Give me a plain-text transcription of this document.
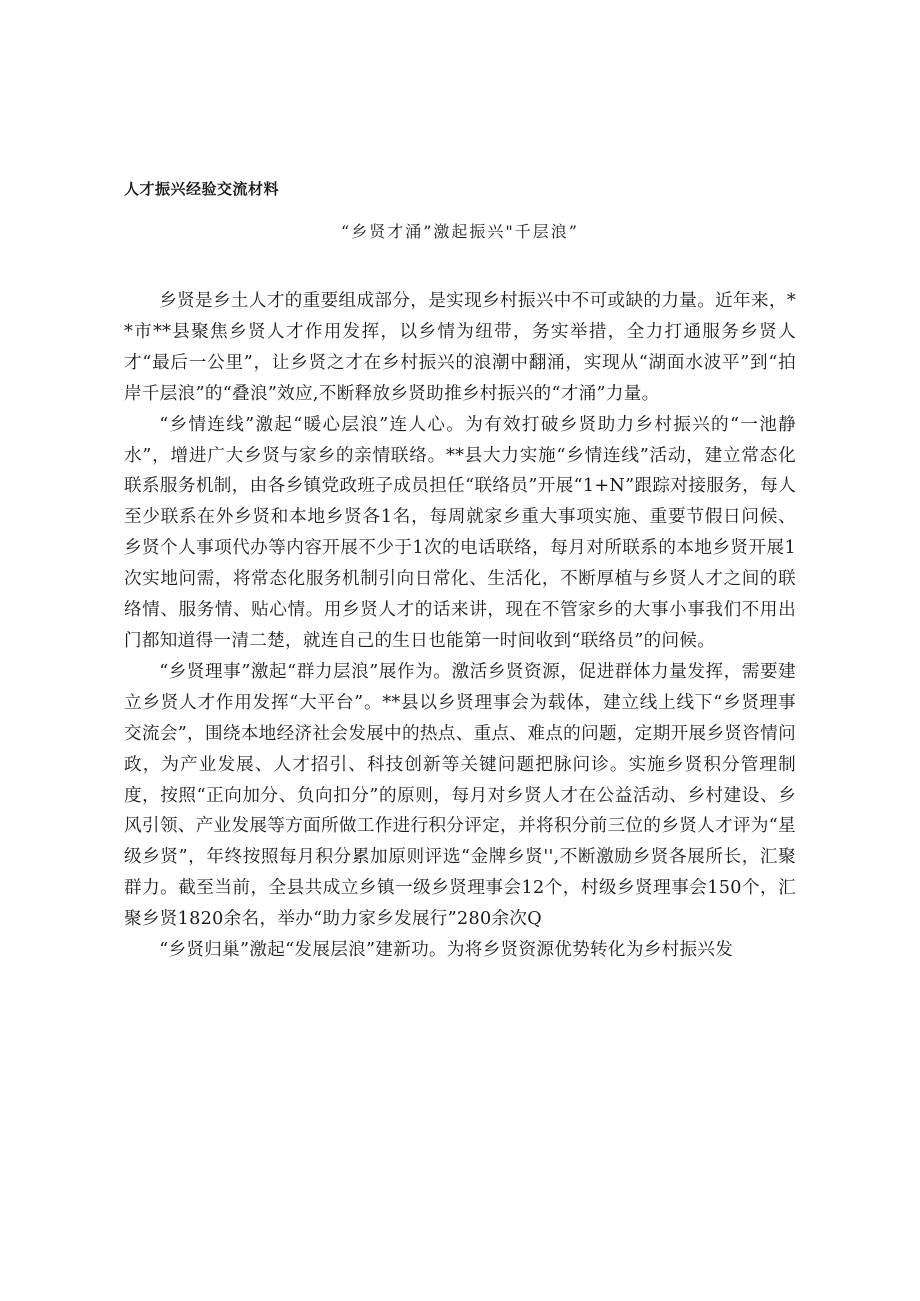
人才振兴经验交流材料
“乡贤才涌”激起振兴"千层浪”

乡贤是乡土人才的重要组成部分，是实现乡村振兴中不可或缺的力量。近年来，**市**县聚焦乡贤人才作用发挥，以乡情为纽带，务实举措，全力打通服务乡贤人才“最后一公里”，让乡贤之才在乡村振兴的浪潮中翻涌，实现从“湖面水波平”到“拍岸千层浪”的“叠浪”效应,不断释放乡贤助推乡村振兴的“才涌”力量。

“乡情连线”激起“暖心层浪”连人心。为有效打破乡贤助力乡村振兴的“一池静水”，增进广大乡贤与家乡的亲情联络。**县大力实施“乡情连线”活动，建立常态化联系服务机制，由各乡镇党政班子成员担任“联络员”开展“1+N”跟踪对接服务，每人至少联系在外乡贤和本地乡贤各1名，每周就家乡重大事项实施、重要节假日问候、乡贤个人事项代办等内容开展不少于1次的电话联络，每月对所联系的本地乡贤开展1次实地问需，将常态化服务机制引向日常化、生活化，不断厚植与乡贤人才之间的联络情、服务情、贴心情。用乡贤人才的话来讲，现在不管家乡的大事小事我们不用出门都知道得一清二楚，就连自己的生日也能第一时间收到“联络员”的问候。

“乡贤理事”激起“群力层浪”展作为。激活乡贤资源，促进群体力量发挥，需要建立乡贤人才作用发挥“大平台”。**县以乡贤理事会为载体，建立线上线下“乡贤理事交流会”，围绕本地经济社会发展中的热点、重点、难点的问题，定期开展乡贤咨情问政，为产业发展、人才招引、科技创新等关键问题把脉问诊。实施乡贤积分管理制度，按照“正向加分、负向扣分”的原则，每月对乡贤人才在公益活动、乡村建设、乡风引领、产业发展等方面所做工作进行积分评定，并将积分前三位的乡贤人才评为“星级乡贤”，年终按照每月积分累加原则评选“金牌乡贤'',不断激励乡贤各展所长，汇聚群力。截至当前，全县共成立乡镇一级乡贤理事会12个，村级乡贤理事会150个，汇聚乡贤1820余名，举办“助力家乡发展行”280余次Q

“乡贤归巢”激起“发展层浪”建新功。为将乡贤资源优势转化为乡村振兴发
